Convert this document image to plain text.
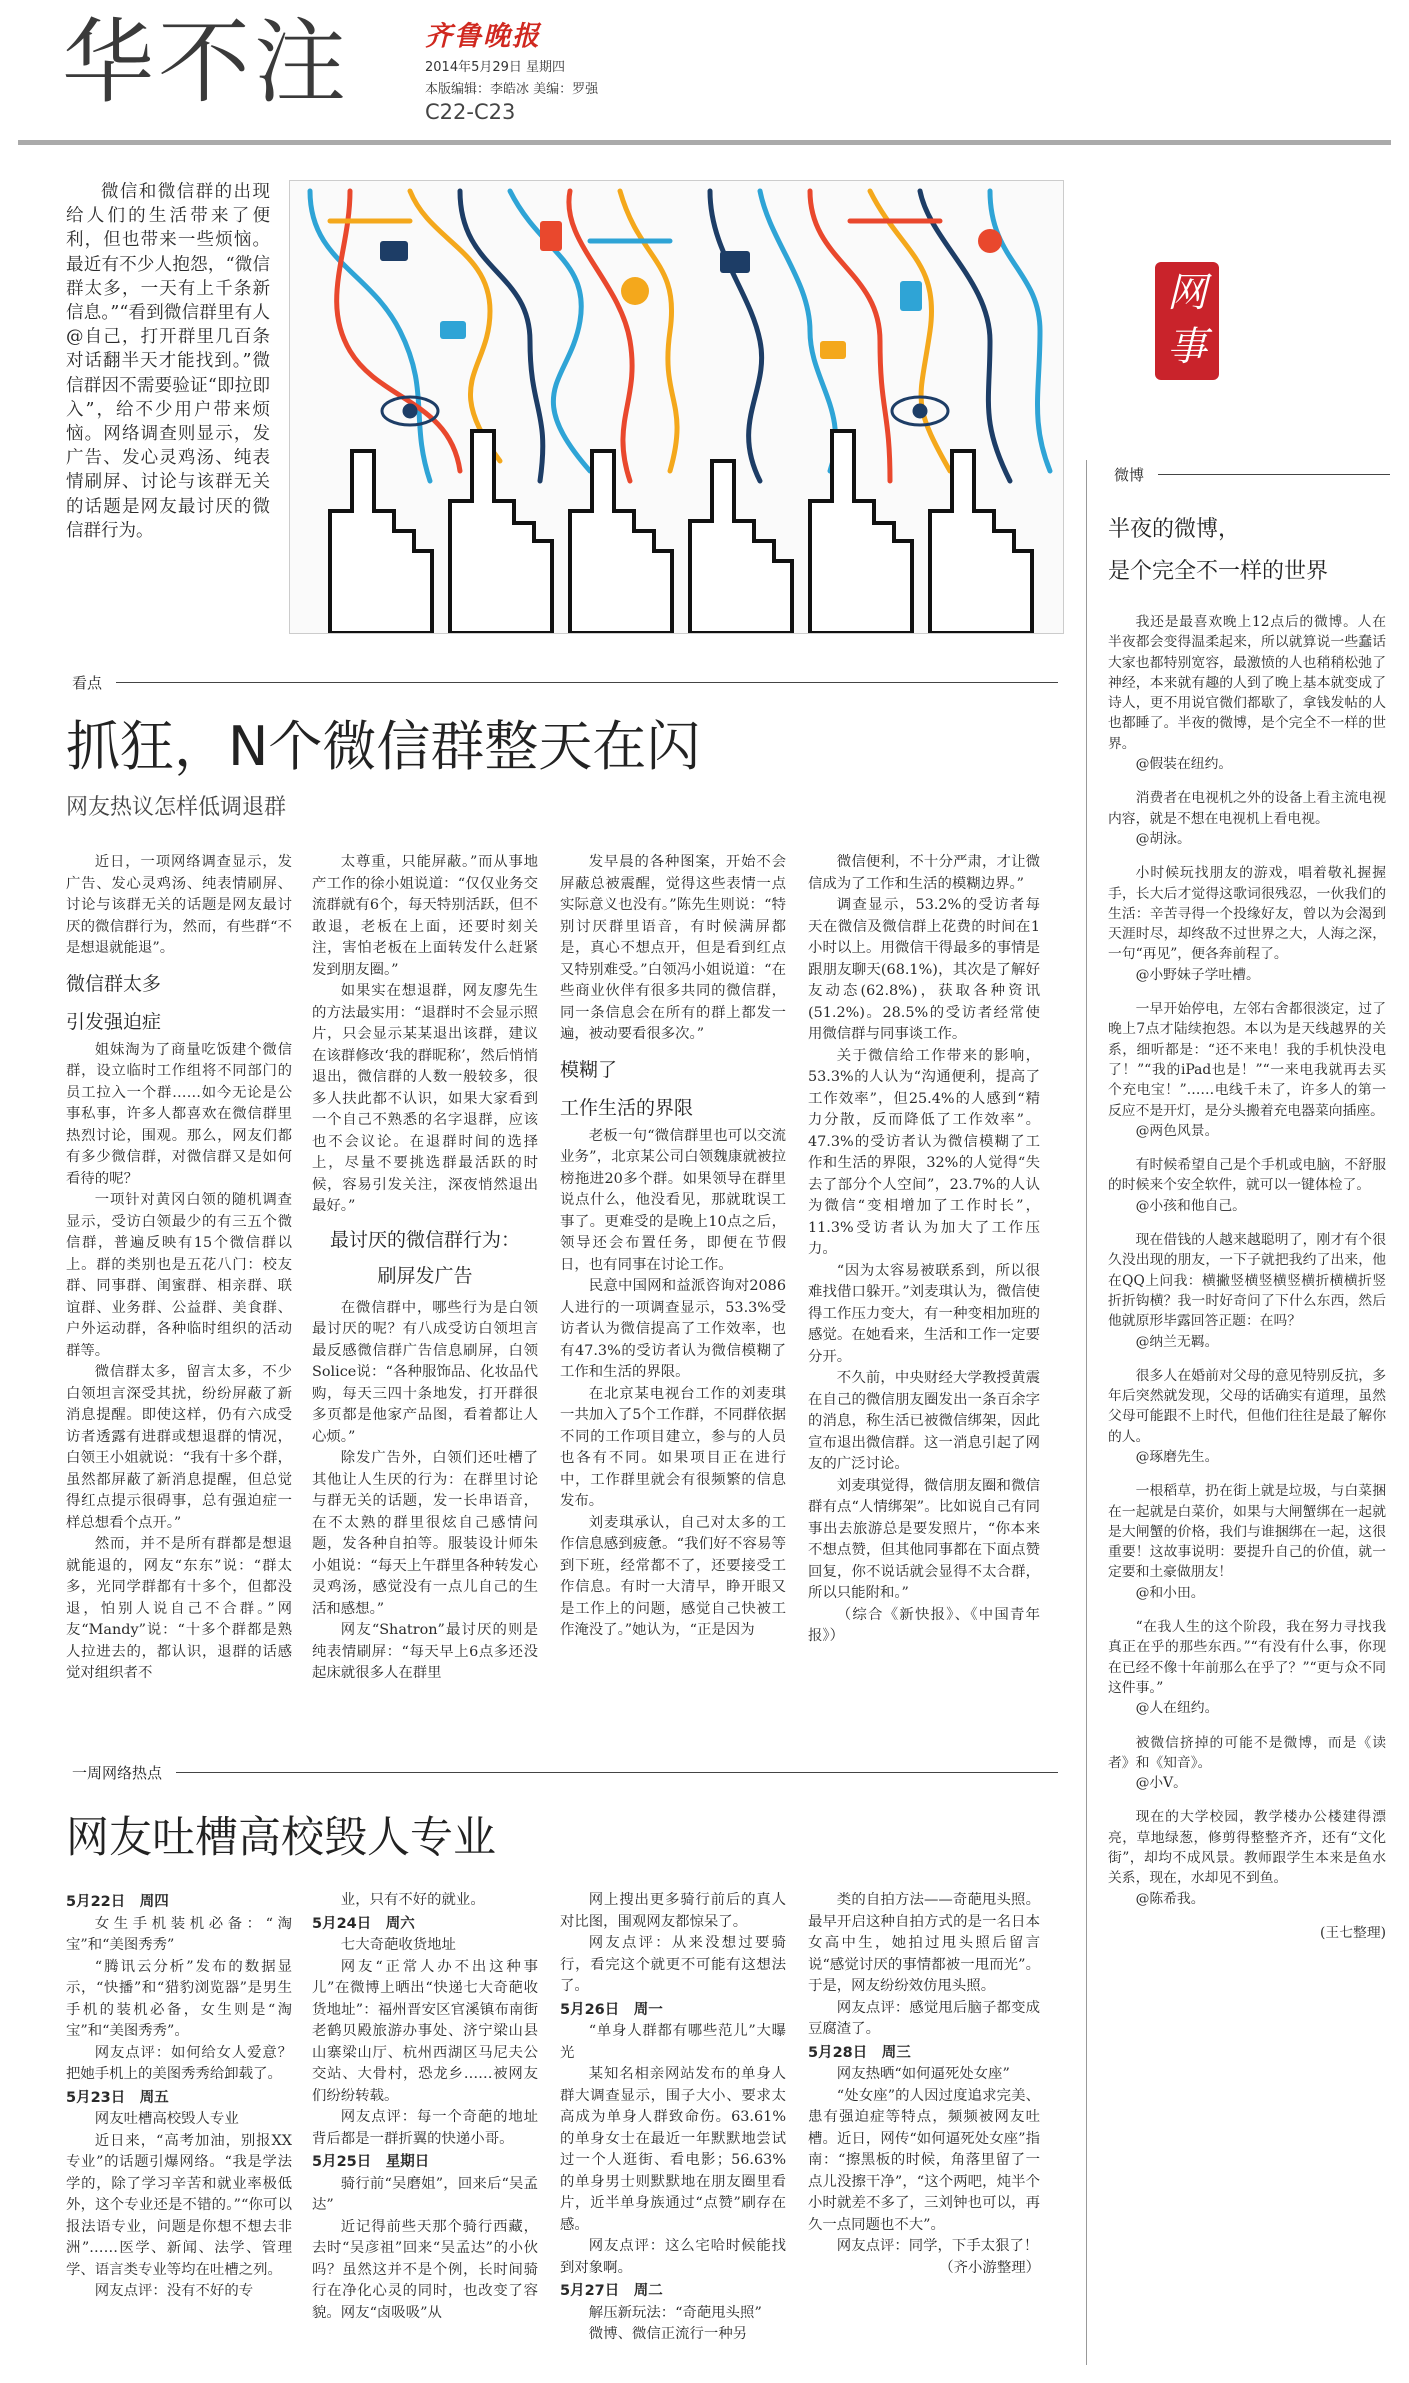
华不注	齐鲁晚报
2014年5月29日 星期四
本版编辑：李皓冰 美编：罗强
C22-C23

微信和微信群的出现给人们的生活带来了便利，但也带来一些烦恼。最近有不少人抱怨，“微信群太多，一天有上千条新信息。”“看到微信群里有人@自己，打开群里几百条对话翻半天才能找到。”微信群因不需要验证“即拉即入”，给不少用户带来烦恼。网络调查则显示，发广告、发心灵鸡汤、纯表情刷屏、讨论与该群无关的话题是网友最讨厌的微信群行为。

网
事
看点
抓狂，N个微信群整天在闪
网友热议怎样低调退群

近日，一项网络调查显示，发广告、发心灵鸡汤、纯表情刷屏、讨论与该群无关的话题是网友最讨厌的微信群行为，然而，有些群“不是想退就能退”。

微信群太多

引发强迫症

姐妹淘为了商量吃饭建个微信群，设立临时工作组将不同部门的员工拉入一个群……如今无论是公事私事，许多人都喜欢在微信群里热烈讨论，围观。那么，网友们都有多少微信群，对微信群又是如何看待的呢？

一项针对黄冈白领的随机调查显示，受访白领最少的有三五个微信群，普遍反映有15个微信群以上。群的类别也是五花八门：校友群、同事群、闺蜜群、相亲群、联谊群、业务群、公益群、美食群、户外运动群，各种临时组织的活动群等。

微信群太多，留言太多，不少白领坦言深受其扰，纷纷屏蔽了新消息提醒。即使这样，仍有六成受访者透露有进群或想退群的情况，白领王小姐就说：“我有十多个群，虽然都屏蔽了新消息提醒，但总觉得红点提示很碍事，总有强迫症一样总想看个点开。”

然而，并不是所有群都是想退就能退的，网友“东东”说：“群太多，光同学群都有十多个，但都没退，怕别人说自己不合群。”网友“Mandy”说：“十多个群都是熟人拉进去的，都认识，退群的话感觉对组织者不

太尊重，只能屏蔽。”而从事地产工作的徐小姐说道：“仅仅业务交流群就有6个，每天特别活跃，但不敢退，老板在上面，还要时刻关注，害怕老板在上面转发什么赶紧发到朋友圈。”

如果实在想退群，网友廖先生的方法最实用：“退群时不会显示照片，只会显示某某退出该群，建议在该群修改‘我的群昵称’，然后悄悄退出，微信群的人数一般较多，很多人扶此都不认识，如果大家看到一个自己不熟悉的名字退群，应该也不会议论。在退群时间的选择上，尽量不要挑选群最活跃的时候，容易引发关注，深夜悄然退出最好。”

最讨厌的微信群行为：

刷屏发广告

在微信群中，哪些行为是白领最讨厌的呢？有八成受访白领坦言最反感微信群广告信息刷屏，白领Solice说：“各种服饰品、化妆品代购，每天三四十条地发，打开群很多页都是他家产品图，看着都让人心烦。”

除发广告外，白领们还吐槽了其他让人生厌的行为：在群里讨论与群无关的话题，发一长串语音，在不太熟的群里很炫自己感情问题，发各种自拍等。服装设计师朱小姐说：“每天上午群里各种转发心灵鸡汤，感觉没有一点儿自己的生活和感想。”

网友“Shatron”最讨厌的则是纯表情刷屏：“每天早上6点多还没起床就很多人在群里

发早晨的各种图案，开始不会屏蔽总被震醒，觉得这些表情一点实际意义也没有。”陈先生则说：“特别讨厌群里语音，有时候满屏都是，真心不想点开，但是看到红点又特别难受。”白领冯小姐说道：“在些商业伙伴有很多共同的微信群，同一条信息会在所有的群上都发一遍，被动要看很多次。”

模糊了

工作生活的界限

老板一句“微信群里也可以交流业务”，北京某公司白领魏康就被拉榜拖进20多个群。如果领导在群里说点什么，他没看见，那就耽误工事了。更难受的是晚上10点之后，领导还会布置任务，即便在节假日，也有同事在讨论工作。

民意中国网和益派咨询对2086人进行的一项调查显示，53.3%受访者认为微信提高了工作效率，也有47.3%的受访者认为微信模糊了工作和生活的界限。

在北京某电视台工作的刘麦琪一共加入了5个工作群，不同群依据不同的工作项目建立，参与的人员也各有不同。如果项目正在进行中，工作群里就会有很频繁的信息发布。

刘麦琪承认，自己对太多的工作信息感到疲惫。“我们好不容易等到下班，经常都不了，还要接受工作信息。有时一大清早，睁开眼又是工作上的问题，感觉自己快被工作淹没了。”她认为，“正是因为

微信便利，不十分严肃，才让微信成为了工作和生活的模糊边界。”

调查显示，53.2%的受访者每天在微信及微信群上花费的时间在1小时以上。用微信干得最多的事情是跟朋友聊天(68.1%)，其次是了解好友动态(62.8%)，获取各种资讯(51.2%)。28.5%的受访者经常使用微信群与同事谈工作。

关于微信给工作带来的影响，53.3%的人认为“沟通便利，提高了工作效率”，但25.4%的人感到“精力分散，反而降低了工作效率”。47.3%的受访者认为微信模糊了工作和生活的界限，32%的人觉得“失去了部分个人空间”，23.7%的人认为微信“变相增加了工作时长”，11.3%受访者认为加大了工作压力。

“因为太容易被联系到，所以很难找借口躲开。”刘麦琪认为，微信使得工作压力变大，有一种变相加班的感觉。在她看来，生活和工作一定要分开。

不久前，中央财经大学教授黄震在自己的微信朋友圈发出一条百余字的消息，称生活已被微信绑架，因此宣布退出微信群。这一消息引起了网友的广泛讨论。

刘麦琪觉得，微信朋友圈和微信群有点“人情绑架”。比如说自己有同事出去旅游总是要发照片，“你本来不想点赞，但其他同事都在下面点赞回复，你不说话就会显得不太合群，所以只能附和。”

（综合《新快报》、《中国青年报》）

微博
半夜的微博，
是个完全不一样的世界

我还是最喜欢晚上12点后的微博。人在半夜都会变得温柔起来，所以就算说一些蠢话大家也都特别宽容，最激愤的人也稍稍松弛了神经，本来就有趣的人到了晚上基本就变成了诗人，更不用说官微们都歇了，拿钱发帖的人也都睡了。半夜的微博，是个完全不一样的世界。

@假装在纽约。

消费者在电视机之外的设备上看主流电视内容，就是不想在电视机上看电视。

@胡泳。

小时候玩找朋友的游戏，唱着敬礼握握手，长大后才觉得这歌词很残忍，一伙我们的生活：辛苦寻得一个投缘好友，曾以为会渴到天涯时尽，却终敌不过世界之大，人海之深，一句“再见”，便各奔前程了。

@小野妹子学吐槽。

一早开始停电，左邻右舍都很淡定，过了晚上7点才陆续抱怨。本以为是天线越界的关系，细听都是：“还不来电！我的手机快没电了！”“我的iPad也是！”“一来电我就再去买个充电宝！”……电线千未了，许多人的第一反应不是开灯，是分头搬着充电器菜向插座。

@两色风景。

有时候希望自己是个手机或电脑，不舒服的时候来个安全软件，就可以一键体检了。

@小孩和他自己。

现在借钱的人越来越聪明了，刚才有个很久没出现的朋友，一下子就把我约了出来，他在QQ上问我：横撇竖横竖横竖横折横横折竖折折钩横？我一时好奇问了下什么东西，然后他就原形毕露回答正题：在吗？

@纳兰无羁。

很多人在婚前对父母的意见特别反抗，多年后突然就发现，父母的话确实有道理，虽然父母可能跟不上时代，但他们往往是最了解你的人。

@琢磨先生。

一根稻草，扔在街上就是垃圾，与白菜捆在一起就是白菜价，如果与大闸蟹绑在一起就是大闸蟹的价格，我们与谁捆绑在一起，这很重要！这故事说明：要提升自己的价值，就一定要和土豪做朋友！

@和小田。

“在我人生的这个阶段，我在努力寻找我真正在乎的那些东西。”“有没有什么事，你现在已经不像十年前那么在乎了？”“更与众不同这件事。”

@人在纽约。

被微信挤掉的可能不是微博，而是《读者》和《知音》。

@小V。

现在的大学校园，教学楼办公楼建得漂亮，草地绿葱，修剪得整整齐齐，还有“文化街”，却均不成风景。教师跟学生本来是鱼水关系，现在，水却见不到鱼。

@陈希我。

(王七整理)

一周网络热点
网友吐槽高校毁人专业

5月22日　周四

女生手机装机必备：“淘宝”和“美图秀秀”

“腾讯云分析”发布的数据显示，“快播”和“猎豹浏览器”是男生手机的装机必备，女生则是“淘宝”和“美图秀秀”。

网友点评：如何给女人爱意？把她手机上的美图秀秀给卸载了。

5月23日　周五

网友吐槽高校毁人专业

近日来，“高考加油，别报XX专业”的话题引爆网络。“我是学法学的，除了学习辛苦和就业率极低外，这个专业还是不错的。”“你可以报法语专业，问题是你想不想去非洲”……医学、新闻、法学、管理学、语言类专业等均在吐槽之列。

网友点评：没有不好的专

业，只有不好的就业。

5月24日　周六

七大奇葩收货地址

网友“正常人办不出这种事儿”在微博上晒出“快递七大奇葩收货地址”：福州晋安区官溪镇布南街老鹤贝殿旅游办事处、济宁梁山县山寨梁山厅、杭州西湖区马尼夫公交站、大骨村，恐龙乡……被网友们纷纷转载。

网友点评：每一个奇葩的地址背后都是一群折翼的快递小哥。

5月25日　星期日

骑行前“吴磨姐”，回来后“吴孟达”

近记得前些天那个骑行西藏，去时“吴彦祖”回来“吴孟达”的小伙吗？虽然这并不是个例，长时间骑行在净化心灵的同时，也改变了容貌。网友“卤吸吸”从

网上搜出更多骑行前后的真人对比图，围观网友都惊呆了。

网友点评：从来没想过要骑行，看完这个就更不可能有这想法了。

5月26日　周一

“单身人群都有哪些范儿”大曝光

某知名相亲网站发布的单身人群大调查显示，围子大小、要求太高成为单身人群致命伤。63.61%的单身女士在最近一年默默地尝试过一个人逛街、看电影；56.63%的单身男士则默默地在朋友圈里看片，近半单身族通过“点赞”刷存在感。

网友点评：这么宅哈时候能找到对象啊。

5月27日　周二

解压新玩法：“奇葩甩头照”

微博、微信正流行一种另

类的自拍方法——奇葩甩头照。最早开启这种自拍方式的是一名日本女高中生，她拍过甩头照后留言说“感觉讨厌的事情都被一甩而光”。于是，网友纷纷效仿甩头照。

网友点评：感觉甩后脑子都变成豆腐渣了。

5月28日　周三

网友热晒“如何逼死处女座”

“处女座”的人因过度追求完美、患有强迫症等特点，频频被网友吐槽。近日，网传“如何逼死处女座”指南：“擦黑板的时候，角落里留了一点儿没擦干净”，“这个两吧，炖半个小时就差不多了，三刘钟也可以，再久一点同题也不大”。

网友点评：同学，下手太狠了！

（齐小游整理）
